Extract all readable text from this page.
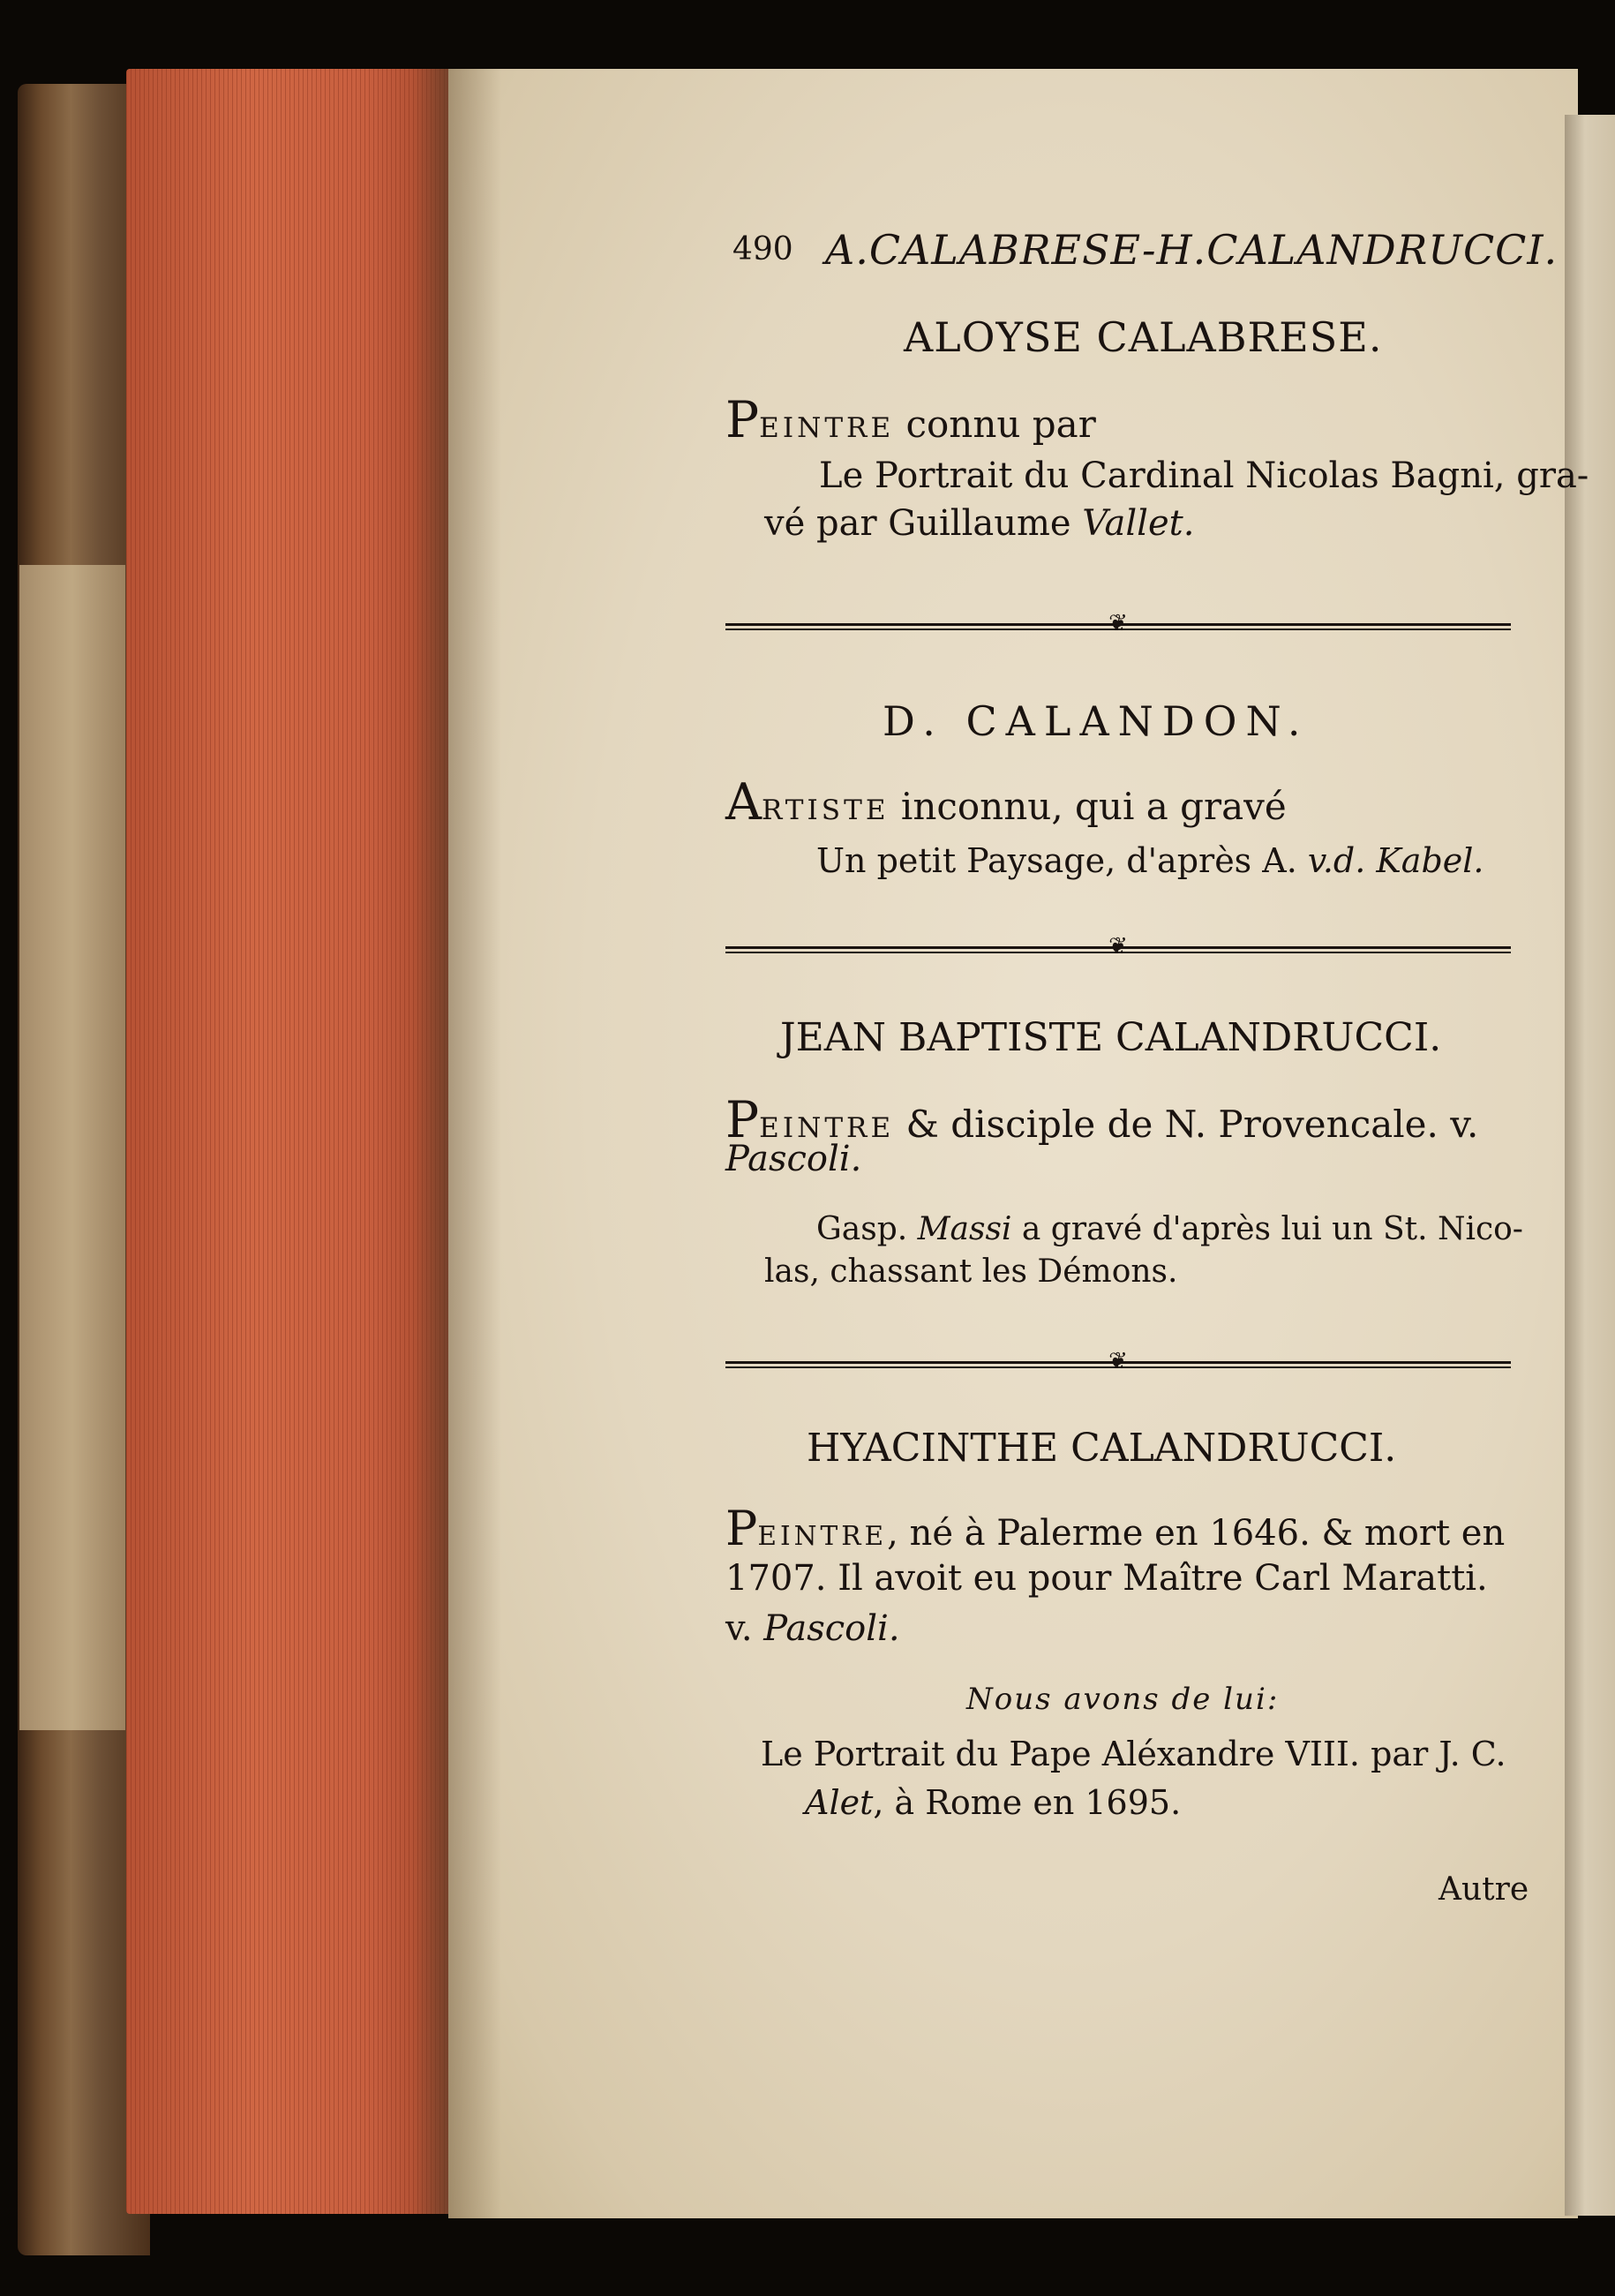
490 A.CALABRESE-H.CALANDRUCCI.
ALOYSE CALABRESE.
PEINTRE connu par
Le Portrait du Cardinal Nicolas Bagni, gra-
vé par Guillaume Vallet.
❦
D. CALANDON.
ARTISTE inconnu, qui a gravé
Un petit Paysage, d'après A. v.d. Kabel.
❦
JEAN BAPTISTE CALANDRUCCI.
PEINTRE & disciple de N. Provencale. v.
Pascoli.
Gasp. Massi a gravé d'après lui un St. Nico-
las, chassant les Démons.
❦
HYACINTHE CALANDRUCCI.
PEINTRE, né à Palerme en 1646. & mort en
1707. Il avoit eu pour Maître Carl Maratti.
v. Pascoli.
Nous avons de lui:
Le Portrait du Pape Aléxandre VIII. par J. C.
Alet, à Rome en 1695.
Autre
